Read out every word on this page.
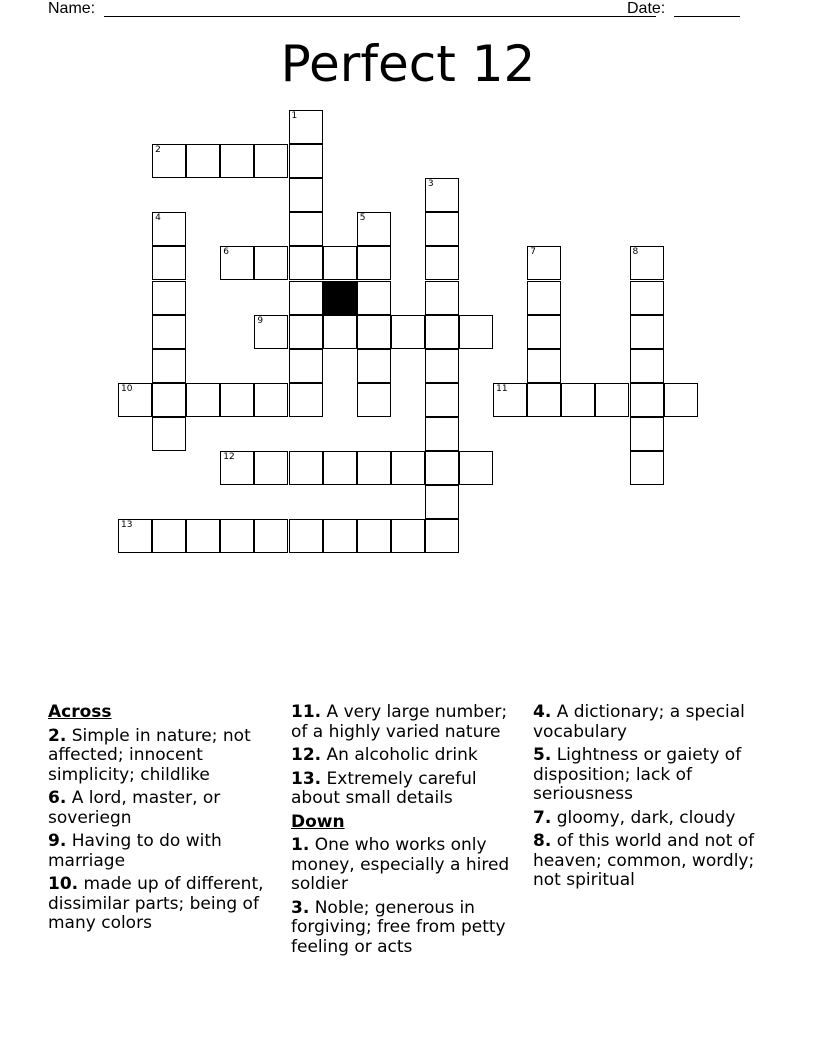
Name:	Date:
Perfect 12
1
2
3
4	5
6	7	8
9
10	11
12
13
Across
2. Simple in nature; not affected; innocent simplicity; childlike
6. A lord, master, or soveriegn
9. Having to do with marriage
10. made up of different, dissimilar parts; being of many colors
11. A very large number; of a highly varied nature
12. An alcoholic drink
13. Extremely careful about small details
Down
1. One who works only money, especially a hired soldier
3. Noble; generous in forgiving; free from petty feeling or acts
4. A dictionary; a special vocabulary
5. Lightness or gaiety of disposition; lack of seriousness
7. gloomy, dark, cloudy
8. of this world and not of heaven; common, wordly; not spiritual
